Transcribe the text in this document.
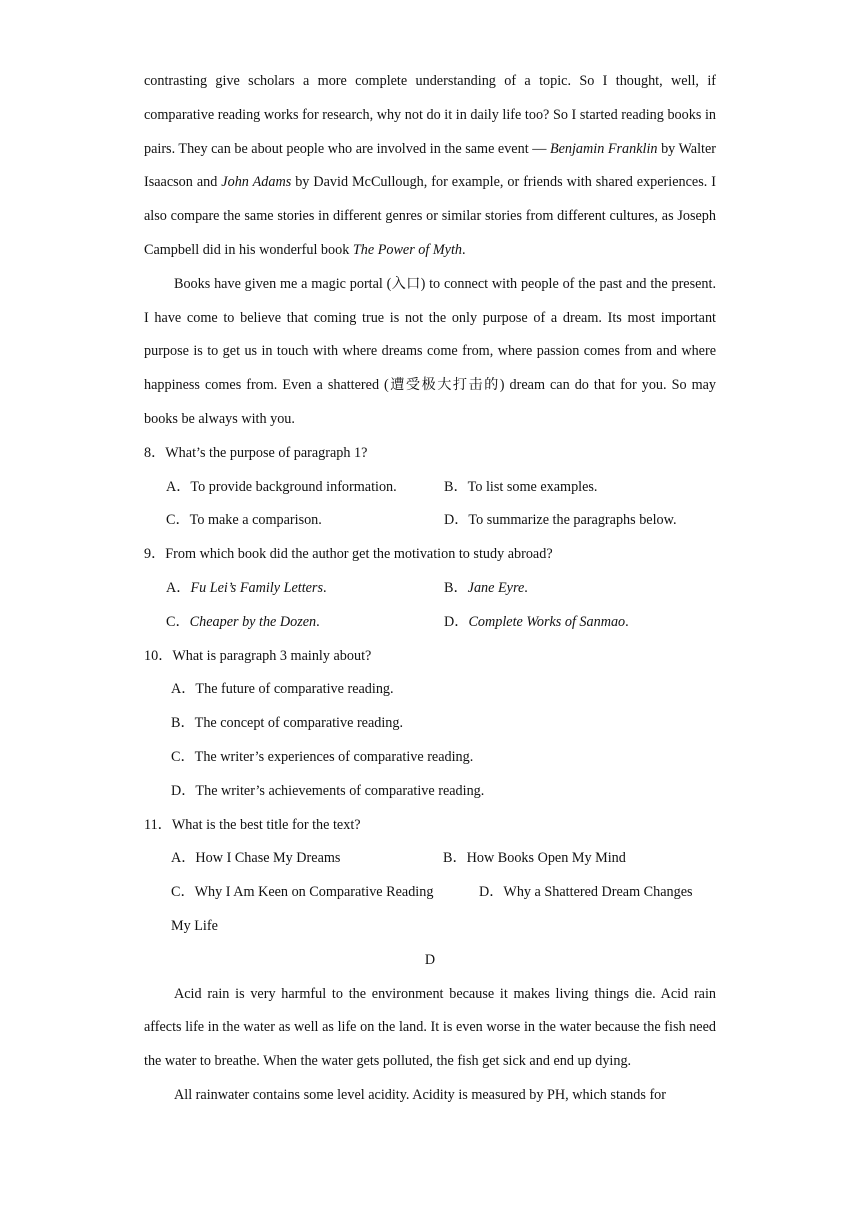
contrasting give scholars a more complete understanding of a topic. So I thought, well, if comparative reading works for research, why not do it in daily life too? So I started reading books in pairs. They can be about people who are involved in the same event — Benjamin Franklin by Walter Isaacson and John Adams by David McCullough, for example, or friends with shared experiences. I also compare the same stories in different genres or similar stories from different cultures, as Joseph Campbell did in his wonderful book The Power of Myth.

Books have given me a magic portal (入口) to connect with people of the past and the present. I have come to believe that coming true is not the only purpose of a dream. Its most important purpose is to get us in touch with where dreams come from, where passion comes from and where happiness comes from. Even a shattered (遭受极大打击的) dream can do that for you. So may books be always with you.

8．What’s the purpose of paragraph 1?

A．To provide background information.	B．To list some examples.

C．To make a comparison.	D．To summarize the paragraphs below.

9．From which book did the author get the motivation to study abroad?

A．Fu Lei’s Family Letters.	B．Jane Eyre.

C．Cheaper by the Dozen.	D．Complete Works of Sanmao.

10．What is paragraph 3 mainly about?

A．The future of comparative reading.

B．The concept of comparative reading.

C．The writer’s experiences of comparative reading.

D．The writer’s achievements of comparative reading.

11．What is the best title for the text?

A．How I Chase My Dreams	B．How Books Open My Mind

C．Why I Am Keen on Comparative Reading	D．Why a Shattered Dream Changes

My Life

D

Acid rain is very harmful to the environment because it makes living things die. Acid rain affects life in the water as well as life on the land. It is even worse in the water because the fish need the water to breathe. When the water gets polluted, the fish get sick and end up dying.

All rainwater contains some level acidity. Acidity is measured by PH, which stands for
